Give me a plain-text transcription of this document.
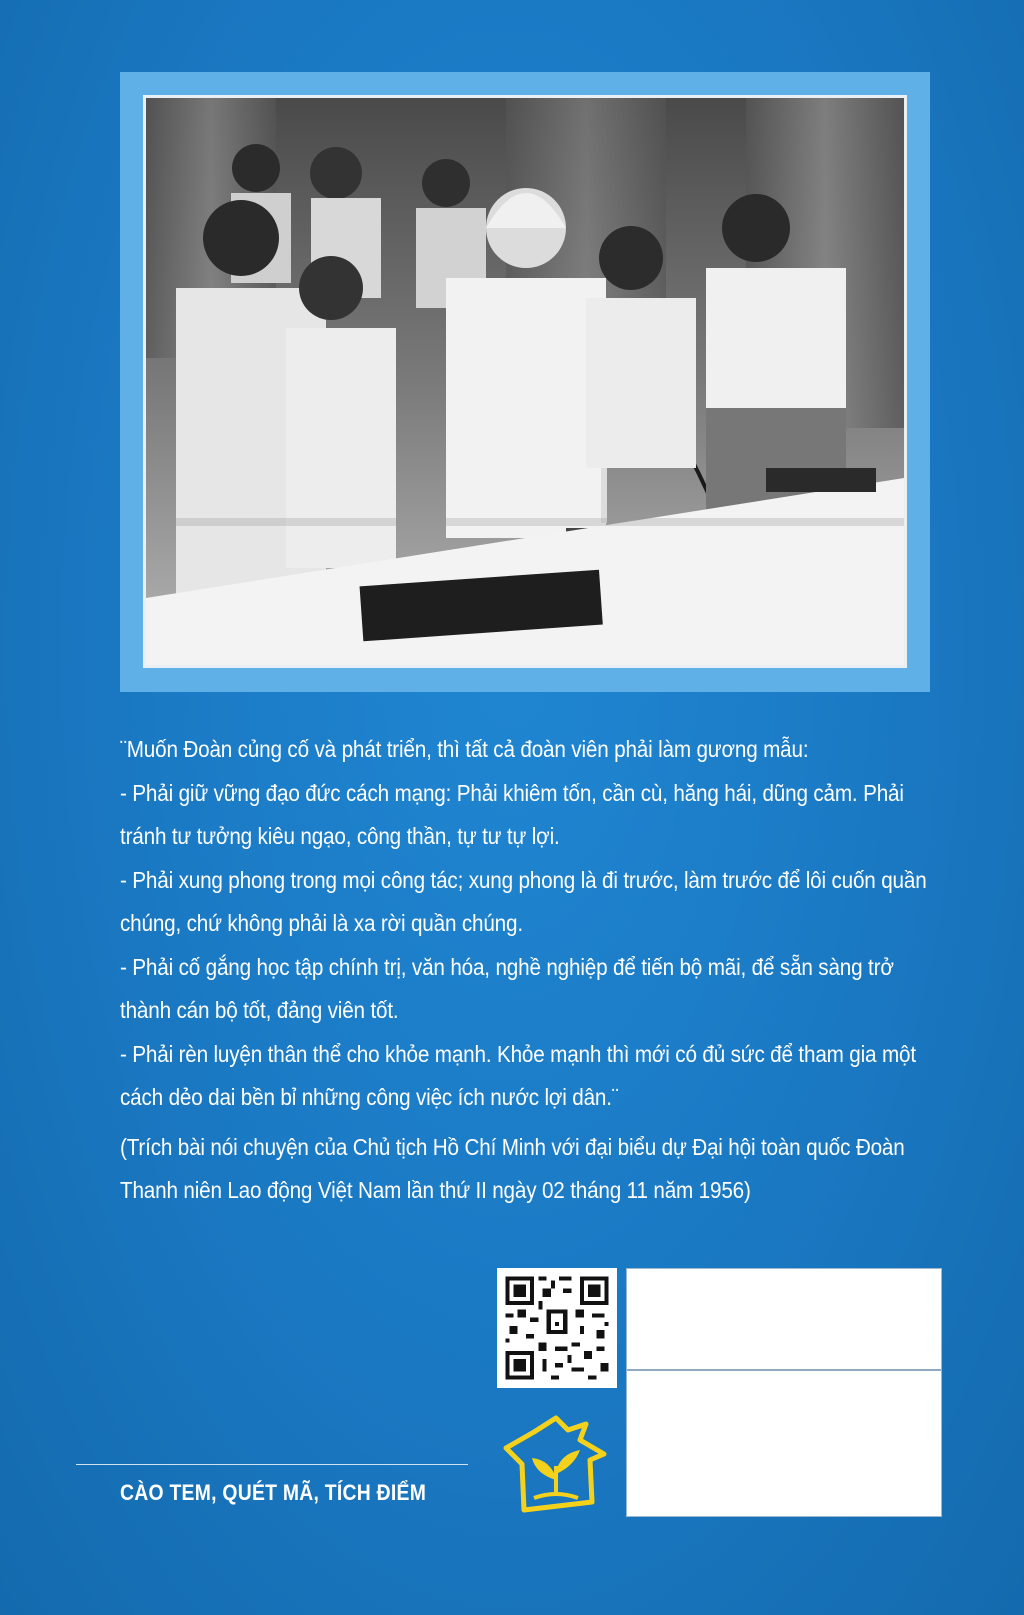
¨Muốn Đoàn củng cố và phát triển, thì tất cả đoàn viên phải làm gương mẫu:

- Phải giữ vững đạo đức cách mạng: Phải khiêm tốn, cần cù, hăng hái, dũng cảm. Phải tránh tư tưởng kiêu ngạo, công thần, tự tư tự lợi.

- Phải xung phong trong mọi công tác; xung phong là đi trước, làm trước để lôi cuốn quần chúng, chứ không phải là xa rời quần chúng.

- Phải cố gắng học tập chính trị, văn hóa, nghề nghiệp để tiến bộ mãi, để sẵn sàng trở thành cán bộ tốt, đảng viên tốt.

- Phải rèn luyện thân thể cho khỏe mạnh. Khỏe mạnh thì mới có đủ sức để tham gia một cách dẻo dai bền bỉ những công việc ích nước lợi dân.¨

(Trích bài nói chuyện của Chủ tịch Hồ Chí Minh với đại biểu dự Đại hội toàn quốc Đoàn Thanh niên Lao động Việt Nam lần thứ II ngày 02 tháng 11 năm 1956)

CÀO TEM, QUÉT MÃ, TÍCH ĐIỂM
